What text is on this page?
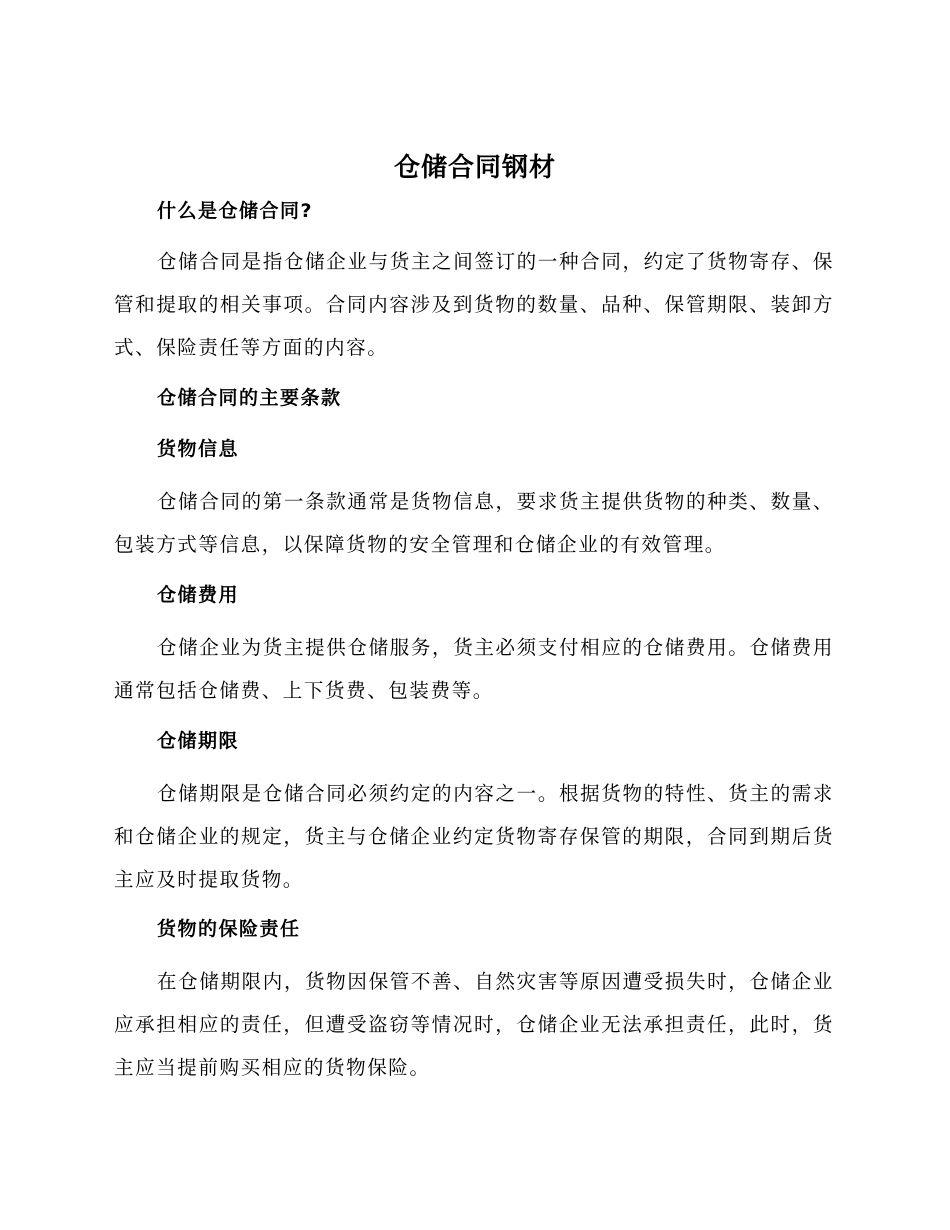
仓储合同钢材
什么是仓储合同?

仓储合同是指仓储企业与货主之间签订的一种合同，约定了货物寄存、保管和提取的相关事项。合同内容涉及到货物的数量、品种、保管期限、装卸方式、保险责任等方面的内容。

仓储合同的主要条款
货物信息

仓储合同的第一条款通常是货物信息，要求货主提供货物的种类、数量、包装方式等信息，以保障货物的安全管理和仓储企业的有效管理。

仓储费用

仓储企业为货主提供仓储服务，货主必须支付相应的仓储费用。仓储费用通常包括仓储费、上下货费、包装费等。

仓储期限

仓储期限是仓储合同必须约定的内容之一。根据货物的特性、货主的需求和仓储企业的规定，货主与仓储企业约定货物寄存保管的期限，合同到期后货主应及时提取货物。

货物的保险责任

在仓储期限内，货物因保管不善、自然灾害等原因遭受损失时，仓储企业应承担相应的责任，但遭受盗窃等情况时，仓储企业无法承担责任，此时，货主应当提前购买相应的货物保险。
